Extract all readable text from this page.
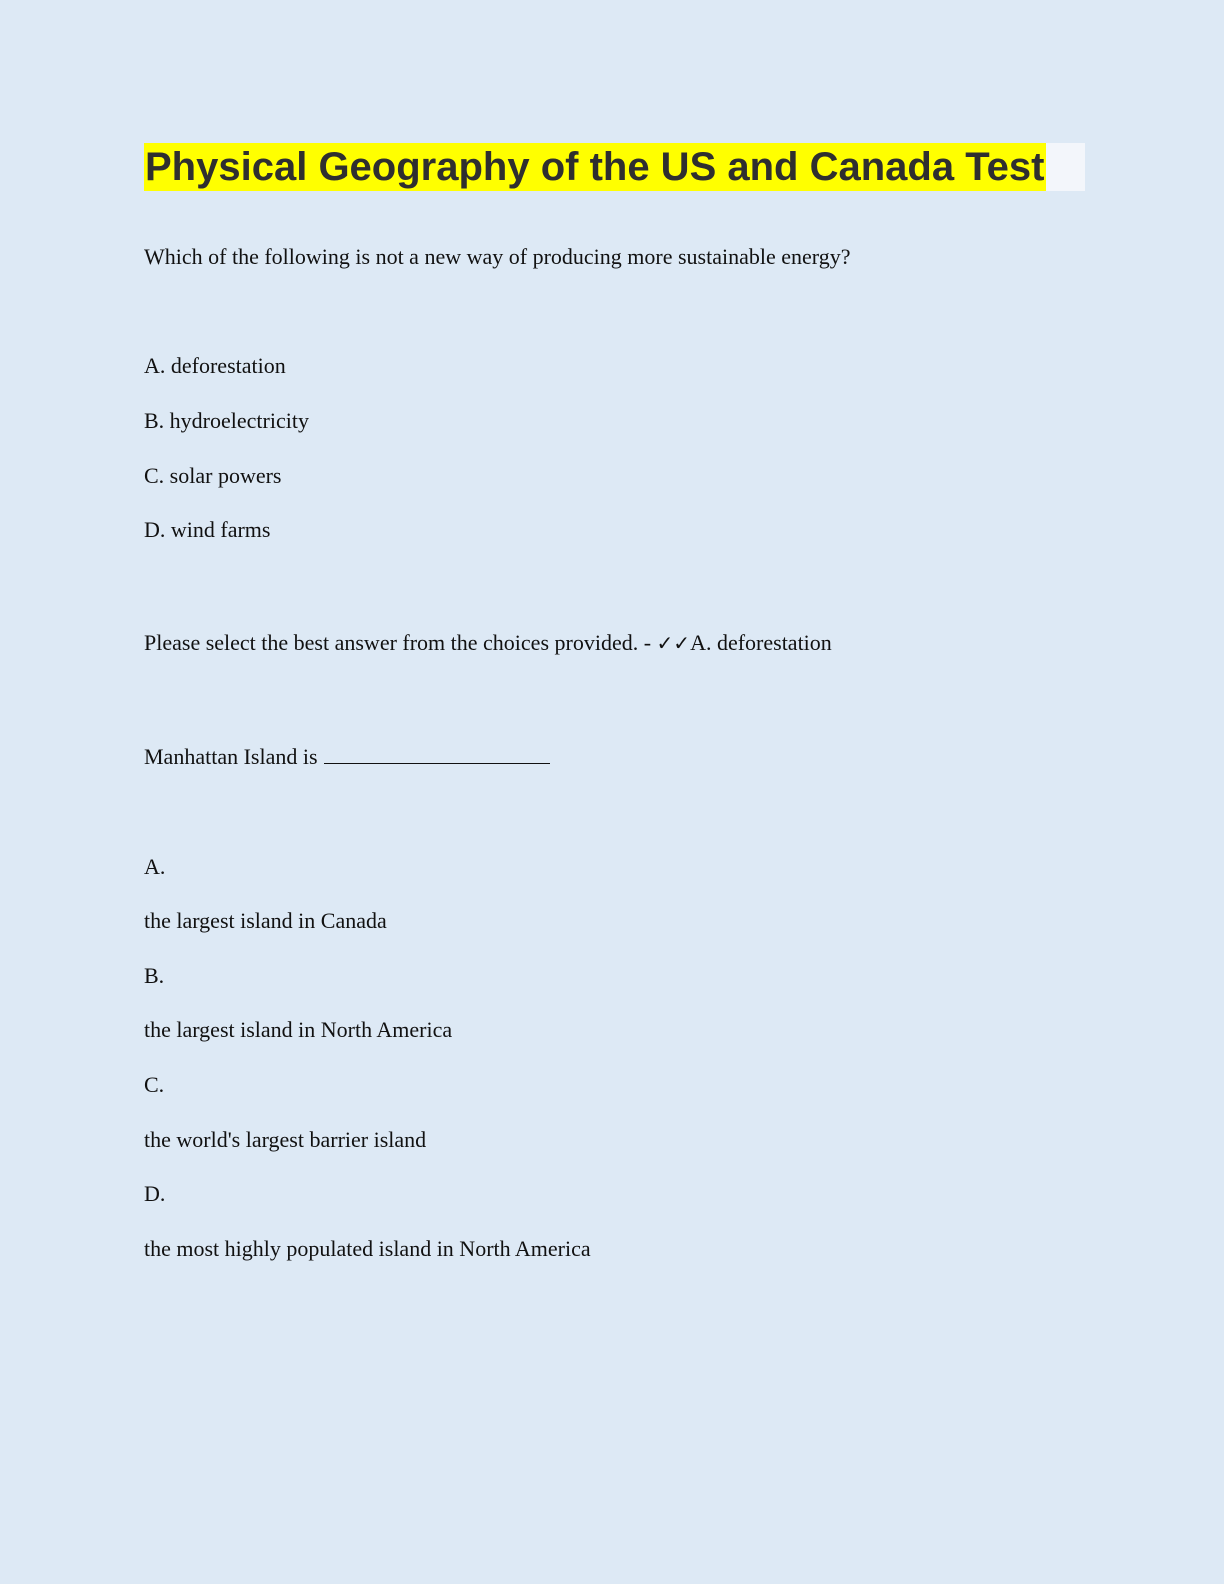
Physical Geography of the US and Canada Test

Which of the following is not a new way of producing more sustainable energy?

A. deforestation

B. hydroelectricity

C. solar powers

D. wind farms

Please select the best answer from the choices provided. - ✓✓A. deforestation

Manhattan Island is

A.

the largest island in Canada

B.

the largest island in North America

C.

the world's largest barrier island

D.

the most highly populated island in North America
